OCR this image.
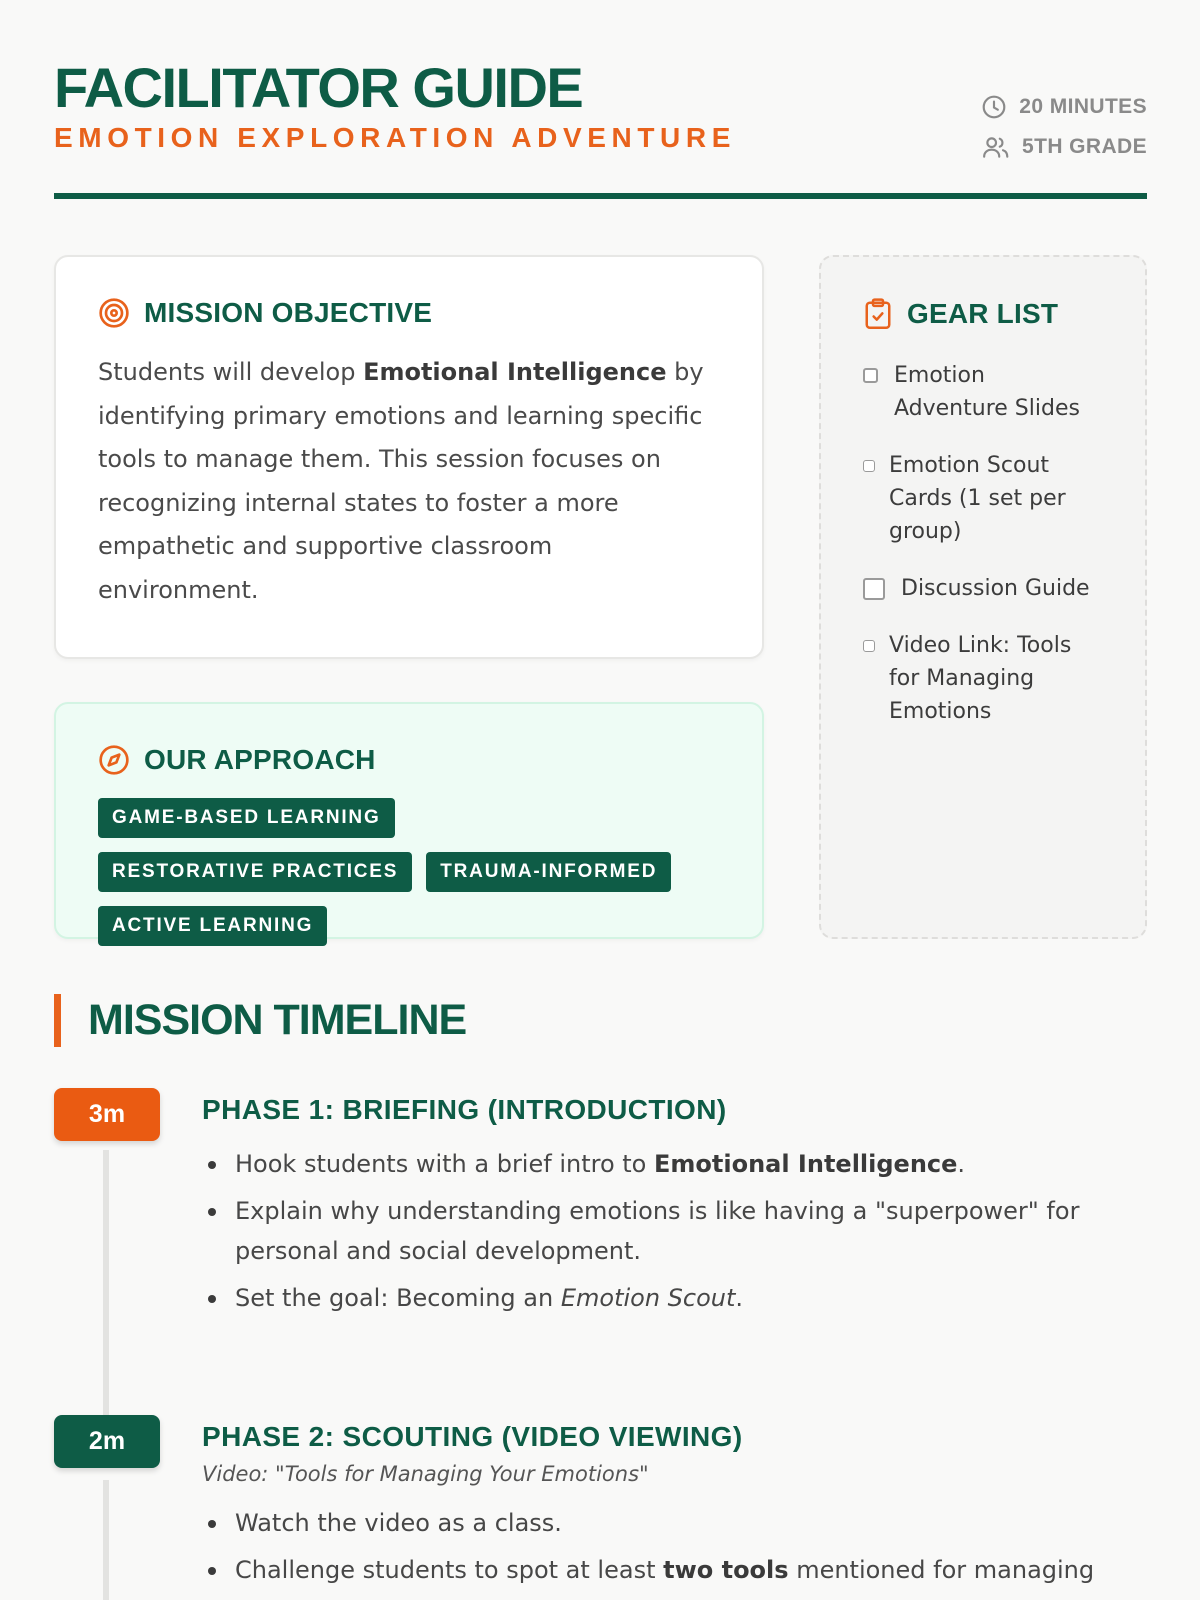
FACILITATOR GUIDE
EMOTION EXPLORATION ADVENTURE
20 MINUTES
5TH GRADE
MISSION OBJECTIVE

Students will develop Emotional Intelligence by identifying primary emotions and learning specific tools to manage them. This session focuses on recognizing internal states to foster a more empathetic and supportive classroom environment.

OUR APPROACH
GAME-BASED LEARNING
RESTORATIVE PRACTICES	TRAUMA-INFORMED
ACTIVE LEARNING
GEAR LIST
Emotion Adventure Slides
Emotion Scout Cards (1 set per group)
Discussion Guide
Video Link: Tools for Managing Emotions
MISSION TIMELINE
3m	PHASE 1: BRIEFING (INTRODUCTION)
Hook students with a brief intro to Emotional Intelligence.
Explain why understanding emotions is like having a "superpower" for personal and social development.
Set the goal: Becoming an Emotion Scout.
2m	PHASE 2: SCOUTING (VIDEO VIEWING)
Video: "Tools for Managing Your Emotions"
Watch the video as a class.
Challenge students to spot at least two tools mentioned for managing
